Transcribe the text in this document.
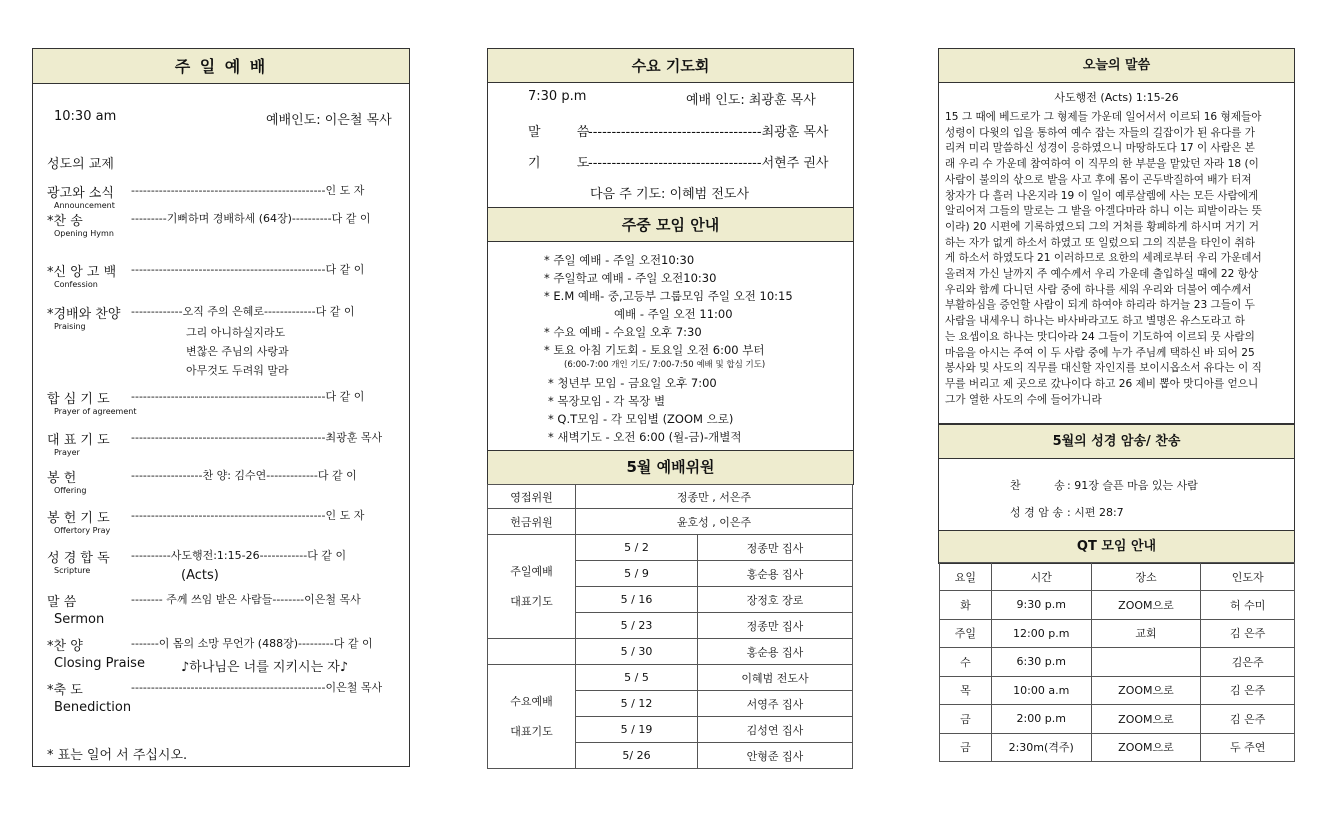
주 일 예 배
10:30 am	예배인도: 이은철 목사
성도의 교제
광고와 소식 -------------------------------------------------인 도 자
Announcement
*찬 송	---------기뻐하며 경배하세 (64장)----------다 같 이
Opening Hymn
*신 앙 고 백 -------------------------------------------------다 같 이
Confession
*경배와 찬양 -------------오직 주의 은혜로-------------다 같 이
Praising	그리 아니하실지라도
변찮은 주님의 사랑과
아무것도 두려워 말라
합 심 기 도 -------------------------------------------------다 같 이
Prayer of agreement
대 표 기 도 -------------------------------------------------최광훈 목사
Prayer
봉 헌	------------------찬 양: 김수연-------------다 같 이
Offering
봉 헌 기 도 -------------------------------------------------인 도 자
Offertory Pray
성 경 합 독 ----------사도행전:1:15-26------------다 같 이
Scripture	(Acts)
말 씀	-------- 주께 쓰임 받은 사람들--------이은철 목사
Sermon
*찬 양	-------이 몸의 소망 무언가 (488장)---------다 같 이
Closing Praise	♪하나님은 너를 지키시는 자♪
*축 도	-------------------------------------------------이은철 목사
Benediction
* 표는 일어 서 주십시오.
수요 기도회
7:30 p.m	예배 인도: 최광훈 목사
말 씀
-------------------------------------최광훈 목사
기 도
-------------------------------------서현주 권사
다음 주 기도: 이혜범 전도사
주중 모임 안내
* 주일 예배 - 주일 오전10:30
* 주일학교 예배 - 주일 오전10:30
* E.M 예배- 중,고등부 그룹모임 주일 오전 10:15
예배 - 주일 오전 11:00
* 수요 예배 - 수요일 오후 7:30
* 토요 아침 기도회 - 토요일 오전 6:00 부터
(6:00-7:00 개인 기도/ 7:00-7:50 예배 및 합심 기도)
* 청년부 모임 - 금요일 오후 7:00
* 목장모임 - 각 목장 별
* Q.T모임 - 각 모임별 (ZOOM 으로)
* 새벽기도 - 오전 6:00 (월-금)-개별적
5월 예배위원
영접위원	정종만 , 서은주	
헌금위원	윤호성 , 이은주	

주일예배
대표기도	5 / 2	정종만 집사
	5 / 9	홍순용 집사
	5 / 16	장정호 장로
	5 / 23	정종만 집사
	5 / 30	홍순용 집사

수요예배
대표기도	5 / 5	이혜범 전도사
	5 / 12	서영주 집사
	5 / 19	김성연 집사
	5/ 26	안형준 집사
오늘의 말씀
사도행전 (Acts) 1:15-26
15 그 때에 베드로가 그 형제들 가운데 일어서서 이르되 16 형제들아
성령이 다윗의 입을 통하여 예수 잡는 자들의 길잡이가 된 유다를 가
리켜 미리 말씀하신 성경이 응하였으니 마땅하도다 17 이 사람은 본
래 우리 수 가운데 참여하여 이 직무의 한 부분을 맡았던 자라 18 (이
사람이 불의의 삯으로 밭을 사고 후에 몸이 곤두박질하여 배가 터져
창자가 다 흘러 나온지라 19 이 일이 예루살렘에 사는 모든 사람에게
알리어져 그들의 말로는 그 밭을 아겔다마라 하니 이는 피밭이라는 뜻
이라) 20 시편에 기록하였으되 그의 거처를 황폐하게 하시며 거기 거
하는 자가 없게 하소서 하였고 또 일렀으되 그의 직분을 타인이 취하
게 하소서 하였도다 21 이러하므로 요한의 세례로부터 우리 가운데서
올려져 가신 날까지 주 예수께서 우리 가운데 출입하실 때에 22 항상
우리와 함께 다니던 사람 중에 하나를 세워 우리와 더불어 예수께서
부활하심을 증언할 사람이 되게 하여야 하리라 하거늘 23 그들이 두
사람을 내세우니 하나는 바사바라고도 하고 별명은 유스도라고 하
는 요셉이요 하나는 맛디아라 24 그들이 기도하여 이르되 뭇 사람의
마음을 아시는 주여 이 두 사람 중에 누가 주님께 택하신 바 되어 25
봉사와 및 사도의 직무를 대신할 자인지를 보이시옵소서 유다는 이 직
무를 버리고 제 곳으로 갔나이다 하고 26 제비 뽑아 맛디아를 얻으니
그가 열한 사도의 수에 들어가니라
5월의 성경 암송/ 찬송
찬 송 : 91장 슬픈 마음 있는 사람
성 경 암 송 : 시편 28:7
QT 모임 안내
요일	시간	장소	인도자
화	9:30 p.m	ZOOM으로	허 수미
주일	12:00 p.m	교회	김 은주
수	6:30 p.m		김은주
목	10:00 a.m	ZOOM으로	김 은주
금	2:00 p.m	ZOOM으로	김 은주
금	2:30m(격주)	ZOOM으로	두 주연
